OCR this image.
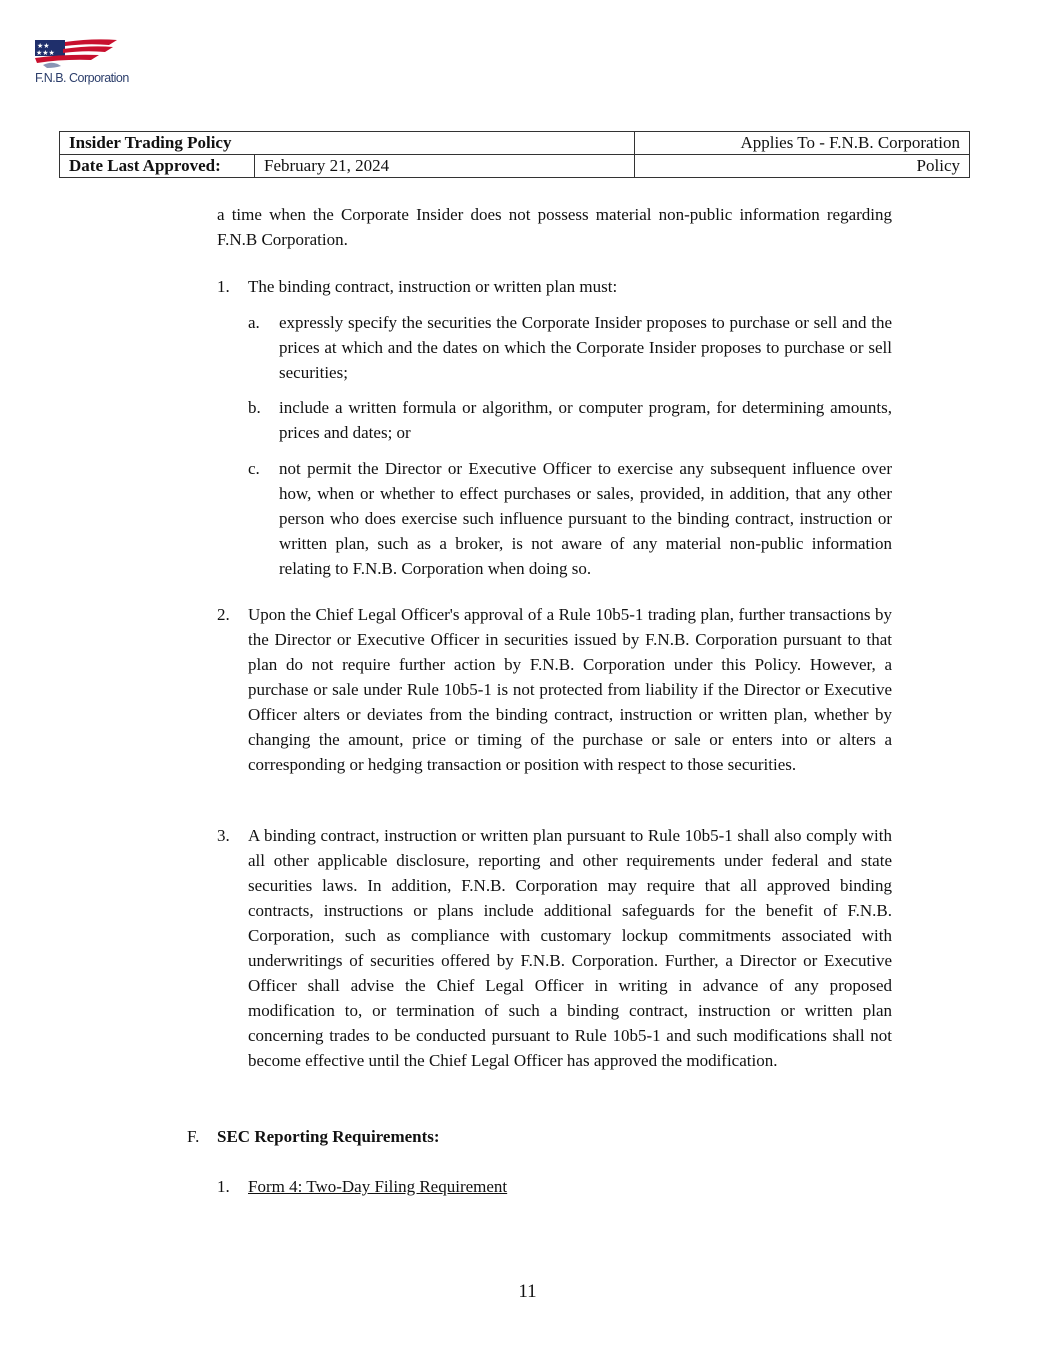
★★
★★★
F.N.B. Corporation
Insider Trading Policy		Applies To - F.N.B. Corporation
Date Last Approved:	February 21, 2024	Policy

a time when the Corporate Insider does not possess material non-public information regarding F.N.B Corporation.

1. The binding contract, instruction or written plan must:

a. expressly specify the securities the Corporate Insider proposes to purchase or sell and the prices at which and the dates on which the Corporate Insider proposes to purchase or sell securities;

b. include a written formula or algorithm, or computer program, for determining amounts, prices and dates; or

c. not permit the Director or Executive Officer to exercise any subsequent influence over how, when or whether to effect purchases or sales, provided, in addition, that any other person who does exercise such influence pursuant to the binding contract, instruction or written plan, such as a broker, is not aware of any material non-public information relating to F.N.B. Corporation when doing so.

2. Upon the Chief Legal Officer's approval of a Rule 10b5-1 trading plan, further transactions by the Director or Executive Officer in securities issued by F.N.B. Corporation pursuant to that plan do not require further action by F.N.B. Corporation under this Policy. However, a purchase or sale under Rule 10b5-1 is not protected from liability if the Director or Executive Officer alters or deviates from the binding contract, instruction or written plan, whether by changing the amount, price or timing of the purchase or sale or enters into or alters a corresponding or hedging transaction or position with respect to those securities.

3. A binding contract, instruction or written plan pursuant to Rule 10b5-1 shall also comply with all other applicable disclosure, reporting and other requirements under federal and state securities laws. In addition, F.N.B. Corporation may require that all approved binding contracts, instructions or plans include additional safeguards for the benefit of F.N.B. Corporation, such as compliance with customary lockup commitments associated with underwritings of securities offered by F.N.B. Corporation. Further, a Director or Executive Officer shall advise the Chief Legal Officer in writing in advance of any proposed modification to, or termination of such a binding contract, instruction or written plan concerning trades to be conducted pursuant to Rule 10b5-1 and such modifications shall not become effective until the Chief Legal Officer has approved the modification.

F. SEC Reporting Requirements:
1. Form 4: Two-Day Filing Requirement
11
